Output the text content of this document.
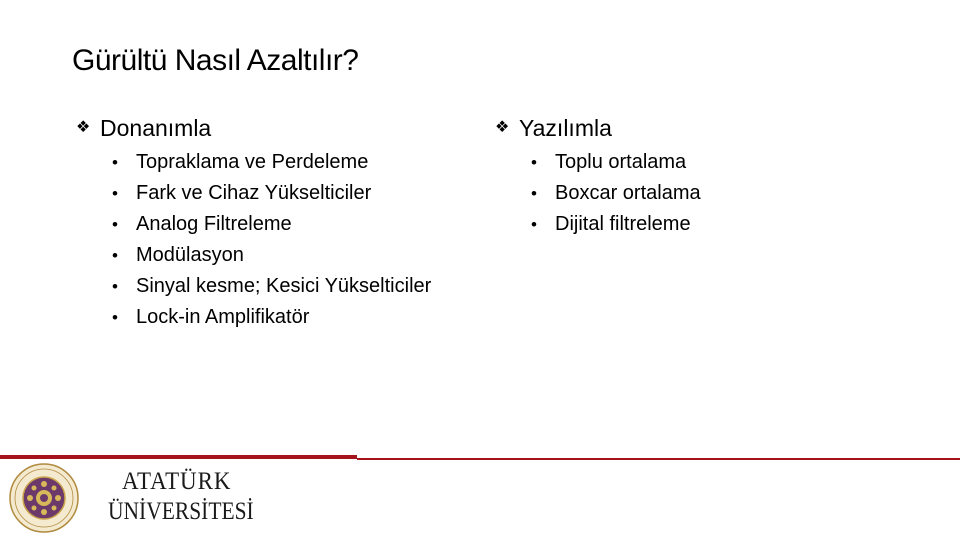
Gürültü Nasıl Azaltılır?
❖ Donanımla
• Topraklama ve Perdeleme
• Fark ve Cihaz Yükselticiler
• Analog Filtreleme
• Modülasyon
• Sinyal kesme; Kesici Yükselticiler
• Lock-in Amplifikatör
❖ Yazılımla
• Toplu ortalama
• Boxcar ortalama
• Dijital filtreleme
ATATÜRK
ÜNİVERSİTESİ
